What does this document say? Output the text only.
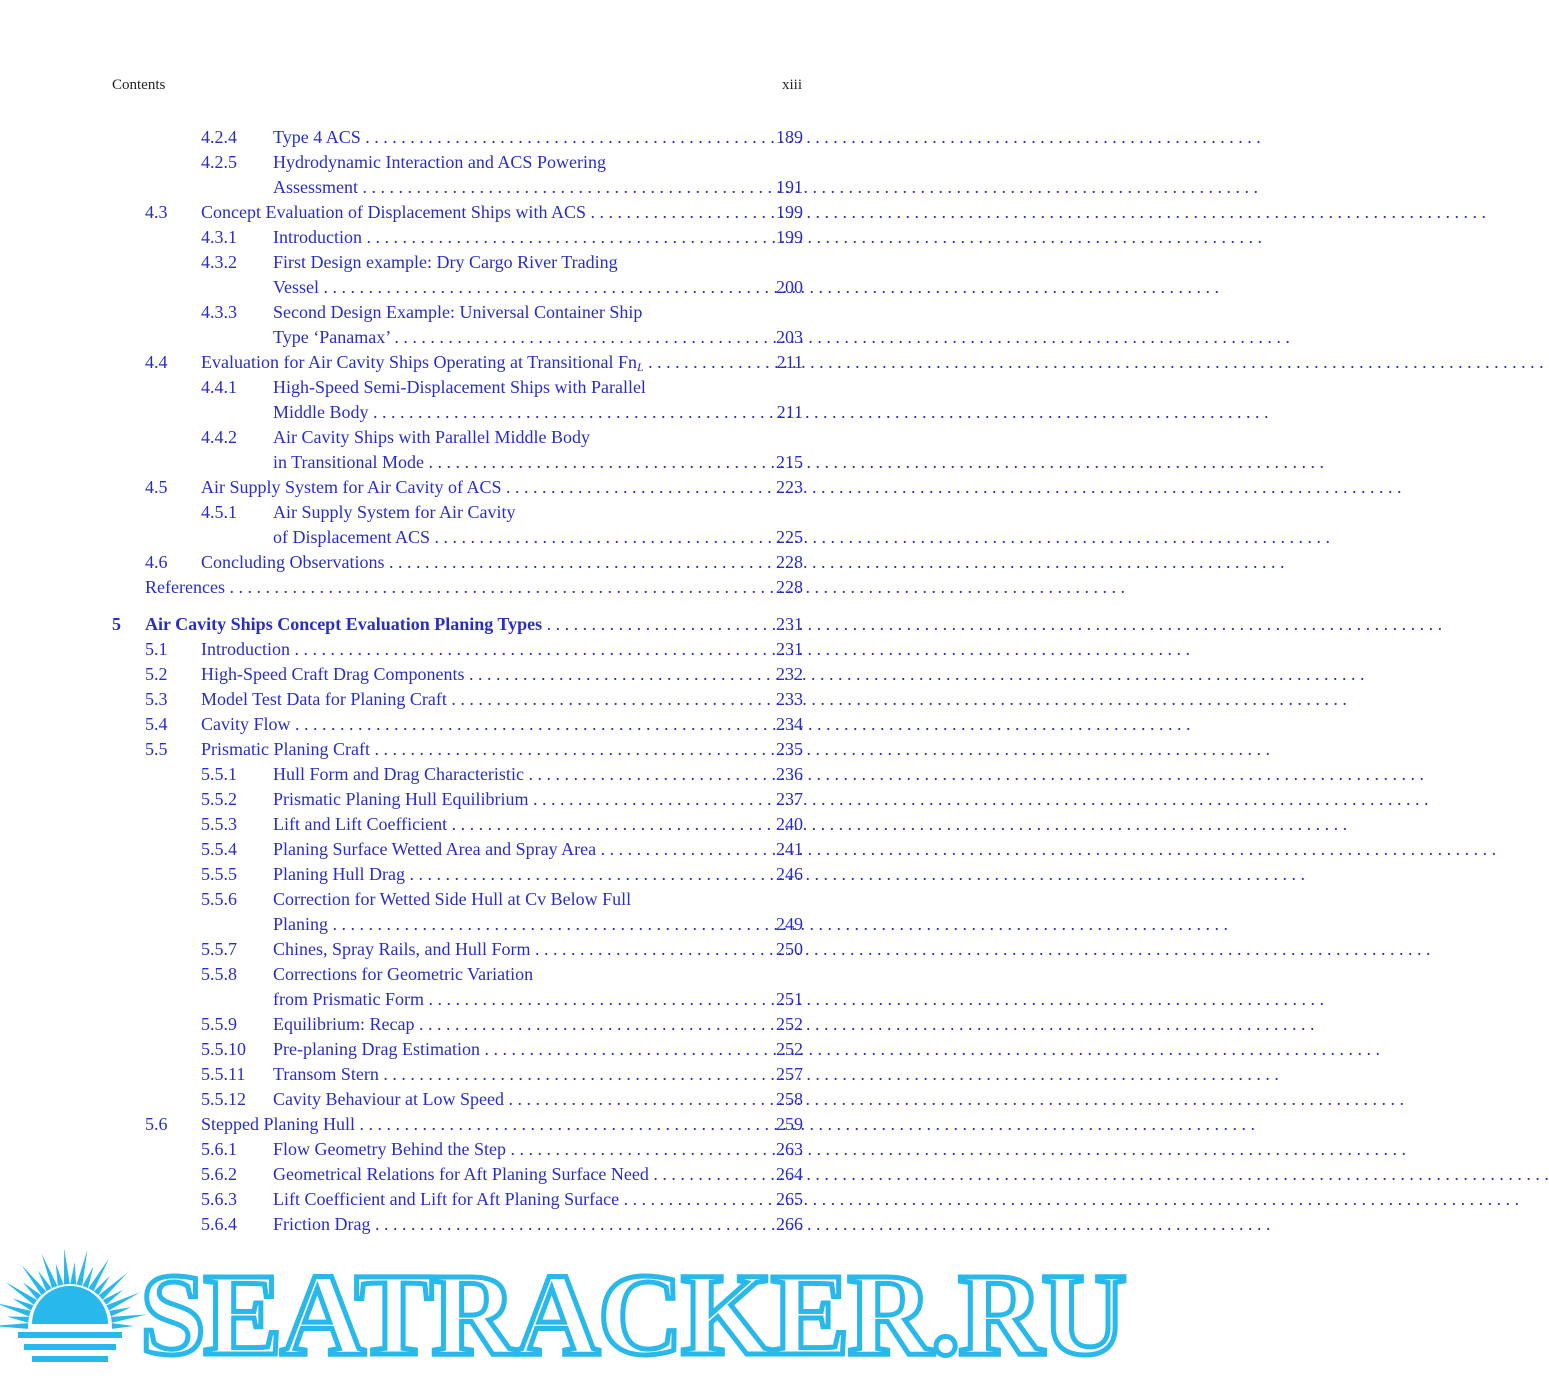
Contents	xiii
4.2.4 Type 4 ACS . . .	189
4.2.5 Hydrodynamic Interaction and ACS Powering
Assessment . . .	191
4.3 Concept Evaluation of Displacement Ships with ACS . . .	199
4.3.1 Introduction . . .	199
4.3.2 First Design example: Dry Cargo River Trading
Vessel . . .	200
4.3.3 Second Design Example: Universal Container Ship
Type ‘Panamax’ . . .	203
4.4 Evaluation for Air Cavity Ships Operating at Transitional $Fn_L$ . . .	211
4.4.1 High-Speed Semi-Displacement Ships with Parallel
Middle Body . . .	211
4.4.2 Air Cavity Ships with Parallel Middle Body
in Transitional Mode . . .	215
4.5 Air Supply System for Air Cavity of ACS . . .	223
4.5.1 Air Supply System for Air Cavity
of Displacement ACS . . .	225
4.6 Concluding Observations . . .	228
References . . .	228
5 Air Cavity Ships Concept Evaluation Planing Types . . .	231
5.1 Introduction . . .	231
5.2 High-Speed Craft Drag Components . . .	232
5.3 Model Test Data for Planing Craft . . .	233
5.4 Cavity Flow . . .	234
5.5 Prismatic Planing Craft . . .	235
5.5.1 Hull Form and Drag Characteristic . . .	236
5.5.2 Prismatic Planing Hull Equilibrium . . .	237
5.5.3 Lift and Lift Coefficient . . .	240
5.5.4 Planing Surface Wetted Area and Spray Area . . .	241
5.5.5 Planing Hull Drag . . .	246
5.5.6 Correction for Wetted Side Hull at Cv Below Full
Planing . . .	249
5.5.7 Chines, Spray Rails, and Hull Form . . .	250
5.5.8 Corrections for Geometric Variation
from Prismatic Form . . .	251
5.5.9 Equilibrium: Recap . . .	252
5.5.10 Pre-planing Drag Estimation . . .	252
5.5.11 Transom Stern . . .	257
5.5.12 Cavity Behaviour at Low Speed . . .	258
5.6 Stepped Planing Hull . . .	259
5.6.1 Flow Geometry Behind the Step . . .	263
5.6.2 Geometrical Relations for Aft Planing Surface Need . . .	264
5.6.3 Lift Coefficient and Lift for Aft Planing Surface . . .	265
5.6.4 Friction Drag . . .	266
SEATRACKER.RU
